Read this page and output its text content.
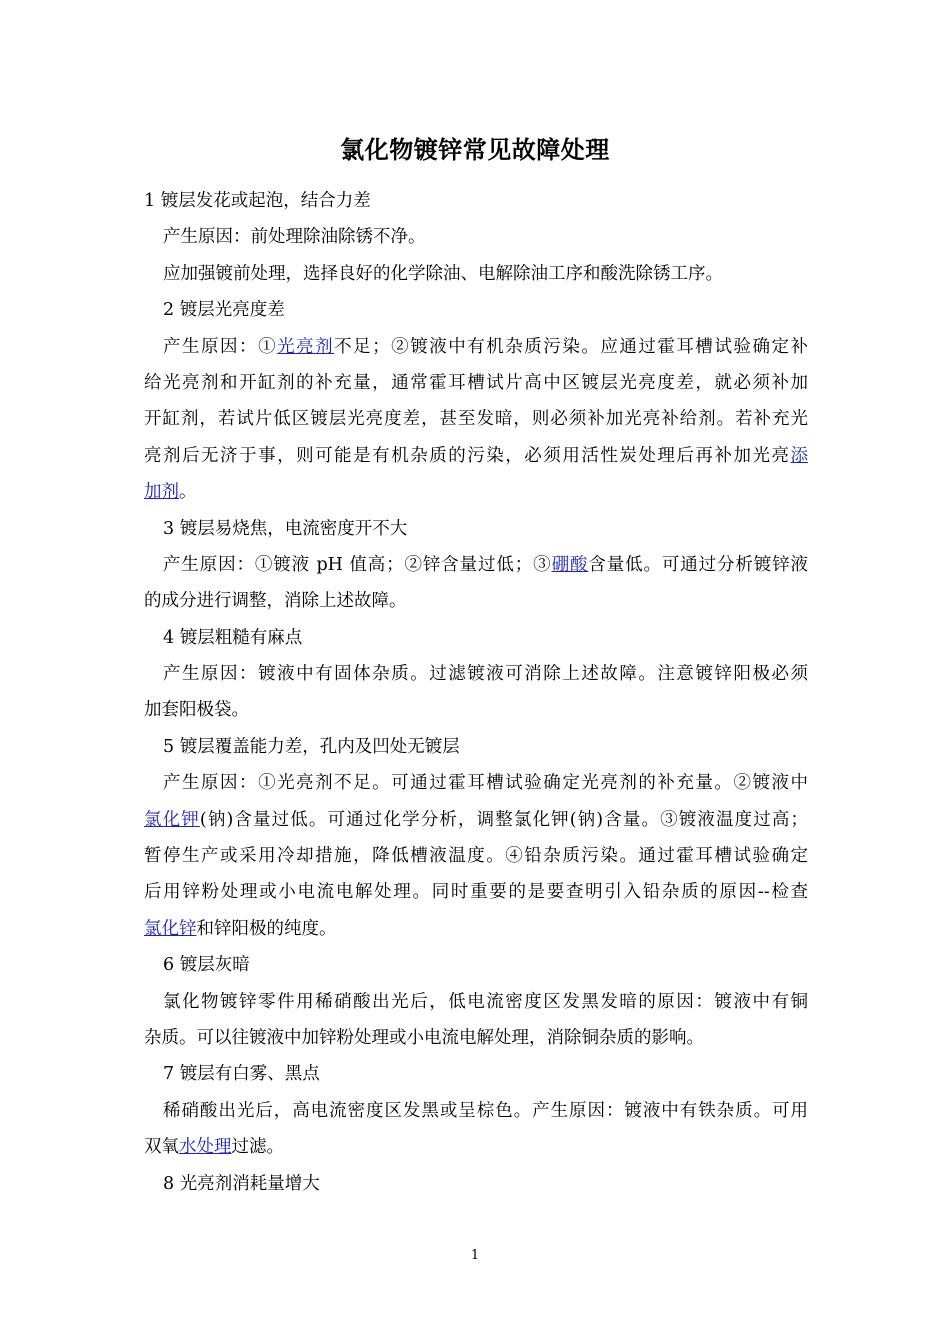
氯化物镀锌常见故障处理
1 镀层发花或起泡，结合力差
产生原因：前处理除油除锈不净。
应加强镀前处理，选择良好的化学除油、电解除油工序和酸洗除锈工序。
2 镀层光亮度差
产生原因：①光亮剂不足；②镀液中有机杂质污染。应通过霍耳槽试验确定补
给光亮剂和开缸剂的补充量，通常霍耳槽试片高中区镀层光亮度差，就必须补加
开缸剂，若试片低区镀层光亮度差，甚至发暗，则必须补加光亮补给剂。若补充光
亮剂后无济于事，则可能是有机杂质的污染，必须用活性炭处理后再补加光亮添
加剂。
3 镀层易烧焦，电流密度开不大
产生原因：①镀液 pH 值高；②锌含量过低；③硼酸含量低。可通过分析镀锌液
的成分进行调整，消除上述故障。
4 镀层粗糙有麻点
产生原因：镀液中有固体杂质。过滤镀液可消除上述故障。注意镀锌阳极必须
加套阳极袋。
5 镀层覆盖能力差，孔内及凹处无镀层
产生原因：①光亮剂不足。可通过霍耳槽试验确定光亮剂的补充量。②镀液中
氯化钾(钠)含量过低。可通过化学分析，调整氯化钾(钠)含量。③镀液温度过高；
暂停生产或采用冷却措施，降低槽液温度。④铅杂质污染。通过霍耳槽试验确定
后用锌粉处理或小电流电解处理。同时重要的是要查明引入铅杂质的原因--检查
氯化锌和锌阳极的纯度。
6 镀层灰暗
氯化物镀锌零件用稀硝酸出光后，低电流密度区发黑发暗的原因：镀液中有铜
杂质。可以往镀液中加锌粉处理或小电流电解处理，消除铜杂质的影响。
7 镀层有白雾、黑点
稀硝酸出光后，高电流密度区发黑或呈棕色。产生原因：镀液中有铁杂质。可用
双氧水处理过滤。
8 光亮剂消耗量增大
1
